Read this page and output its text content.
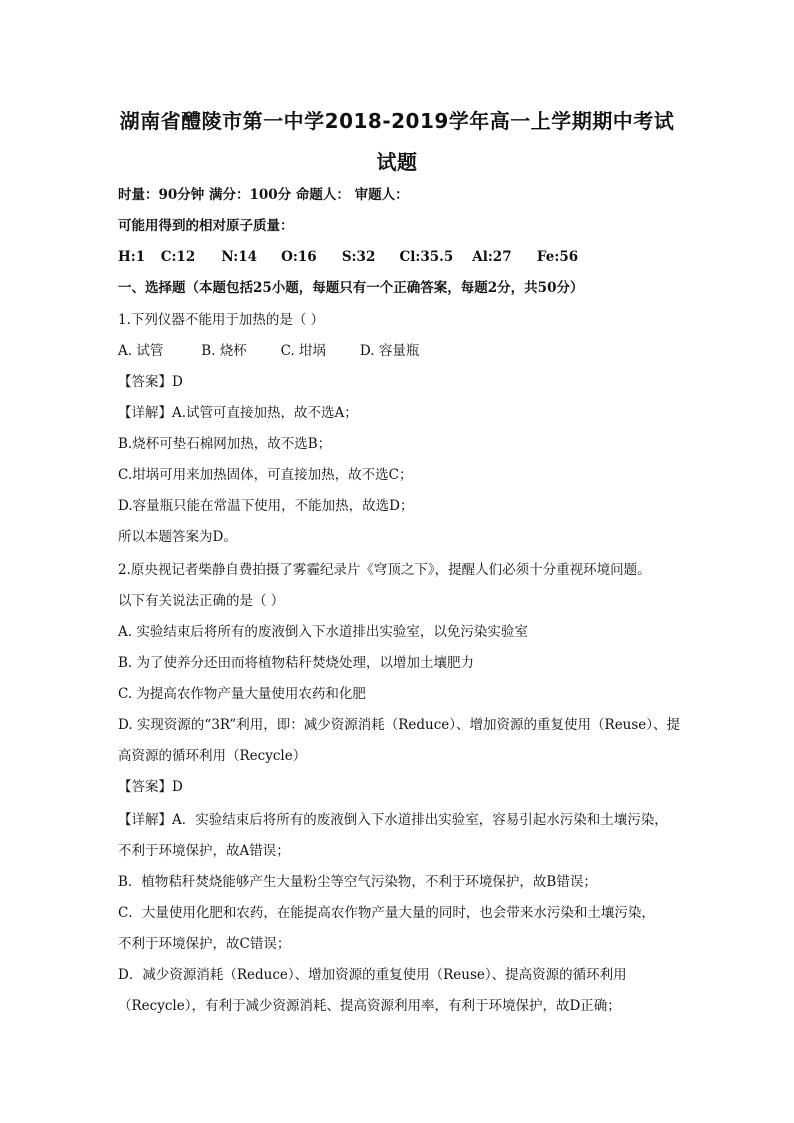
湖南省醴陵市第一中学2018-2019学年高一上学期期中考试
试题
时量：90分钟 满分：100分 命题人： 审题人：
可能用得到的相对原子质量：
H:1 C:12 N:14 O:16 S:32 Cl:35.5 Al:27 Fe:56
一、选择题（本题包括25小题，每题只有一个正确答案，每题2分，共50分）
1.下列仪器不能用于加热的是（ ）
A. 试管	B. 烧杯	C. 坩埚	D. 容量瓶
【答案】D
【详解】A.试管可直接加热，故不选A；
B.烧杯可垫石棉网加热，故不选B；
C.坩埚可用来加热固体，可直接加热，故不选C；
D.容量瓶只能在常温下使用，不能加热，故选D；
所以本题答案为D。
2.原央视记者柴静自费拍摄了雾霾纪录片《穹顶之下》，提醒人们必须十分重视环境问题。
以下有关说法正确的是（ ）
A. 实验结束后将所有的废液倒入下水道排出实验室，以免污染实验室
B. 为了使养分还田而将植物秸秆焚烧处理，以增加土壤肥力
C. 为提高农作物产量大量使用农药和化肥
D. 实现资源的“3R”利用，即：减少资源消耗（Reduce）、增加资源的重复使用（Reuse）、提
高资源的循环利用（Recycle）
【答案】D
【详解】A．实验结束后将所有的废液倒入下水道排出实验室，容易引起水污染和土壤污染，
不利于环境保护，故A错误；
B．植物秸秆焚烧能够产生大量粉尘等空气污染物，不利于环境保护，故B错误；
C．大量使用化肥和农药，在能提高农作物产量大量的同时，也会带来水污染和土壤污染，
不利于环境保护，故C错误；
D．减少资源消耗（Reduce）、增加资源的重复使用（Reuse）、提高资源的循环利用
（Recycle），有利于减少资源消耗、提高资源利用率，有利于环境保护，故D正确；
